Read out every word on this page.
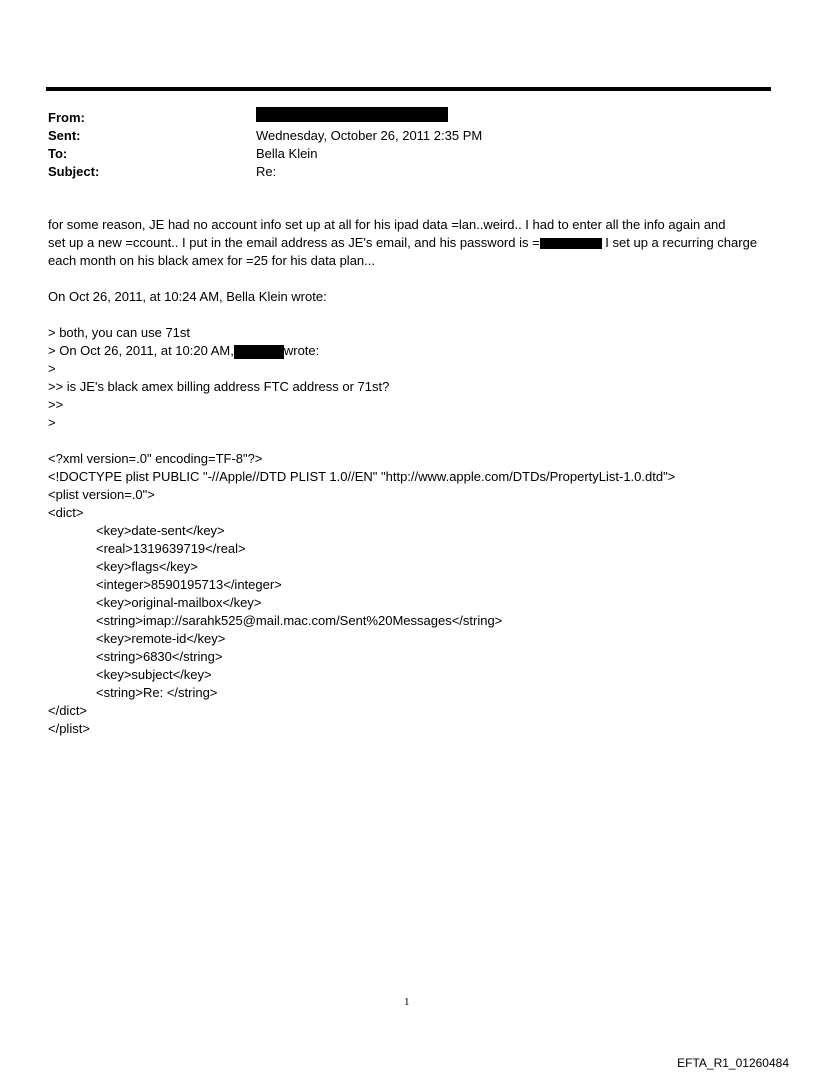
From:
Sent:	Wednesday, October 26, 2011 2:35 PM
To:	Bella Klein
Subject:	Re:

for some reason, JE had no account info set up at all for his ipad data =lan..weird.. I had to enter all the info again and

set up a new =ccount.. I put in the email address as JE's email, and his password is =	I set up a recurring charge

each month on his black amex for =25 for his data plan...

On Oct 26, 2011, at 10:24 AM, Bella Klein wrote:

> both, you can use 71st

> On Oct 26, 2011, at 10:20 AM,	wrote:

>

>> is JE's black amex billing address FTC address or 71st?

>>

>

<?xml version=.0" encoding=TF-8"?>

<!DOCTYPE plist PUBLIC "-//Apple//DTD PLIST 1.0//EN" "http://www.apple.com/DTDs/PropertyList-1.0.dtd">

<plist version=.0">

<dict>

<key>date-sent</key>

<real>1319639719</real>

<key>flags</key>

<integer>8590195713</integer>

<key>original-mailbox</key>

<string>imap://sarahk525@mail.mac.com/Sent%20Messages</string>

<key>remote-id</key>

<string>6830</string>

<key>subject</key>

<string>Re: </string>

</dict>

</plist>

1
EFTA_R1_01260484
